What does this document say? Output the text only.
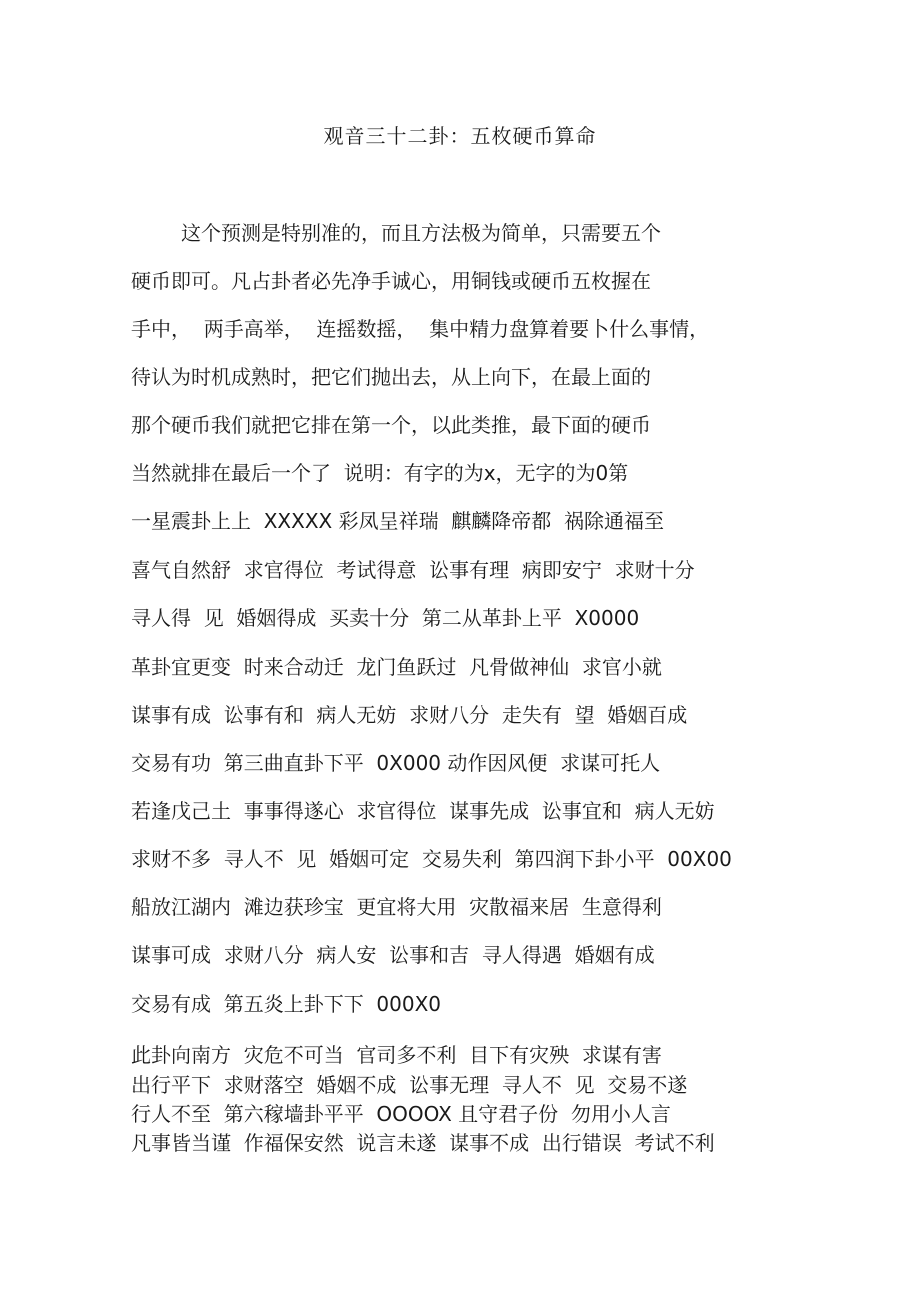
观音三十二卦：五枚硬币算命
这个预测是特别准的，而且方法极为简单，只需要五个
硬币即可。凡占卦者必先净手诚心，用铜钱或硬币五枚握在
手中，  两手高举，  连摇数摇，  集中精力盘算着要卜什么事情，
待认为时机成熟时，把它们抛出去，从上向下，在最上面的
那个硬币我们就把它排在第一个，以此类推，最下面的硬币
当然就排在最后一个了  说明：有字的为x，无字的为0第
一星震卦上上  XXXXX 彩凤呈祥瑞  麒麟降帝都  祸除通福至
喜气自然舒  求官得位  考试得意  讼事有理  病即安宁  求财十分
寻人得  见  婚姻得成  买卖十分  第二从革卦上平  X0000
革卦宜更变  时来合动迁  龙门鱼跃过  凡骨做神仙  求官小就
谋事有成  讼事有和  病人无妨  求财八分  走失有  望  婚姻百成
交易有功  第三曲直卦下平  0X000 动作因风便  求谋可托人
若逢戊己土  事事得遂心  求官得位  谋事先成  讼事宜和  病人无妨
求财不多  寻人不  见  婚姻可定  交易失利  第四润下卦小平  00X00
船放江湖内  滩边获珍宝  更宜将大用  灾散福来居  生意得利
谋事可成  求财八分  病人安  讼事和吉  寻人得遇  婚姻有成
交易有成  第五炎上卦下下  000X0
此卦向南方  灾危不可当  官司多不利  目下有灾殃  求谋有害
出行平下  求财落空  婚姻不成  讼事无理  寻人不  见  交易不遂
行人不至  第六稼墙卦平平  OOOOX 且守君子份  勿用小人言
凡事皆当谨  作福保安然  说言未遂  谋事不成  出行错误  考试不利
